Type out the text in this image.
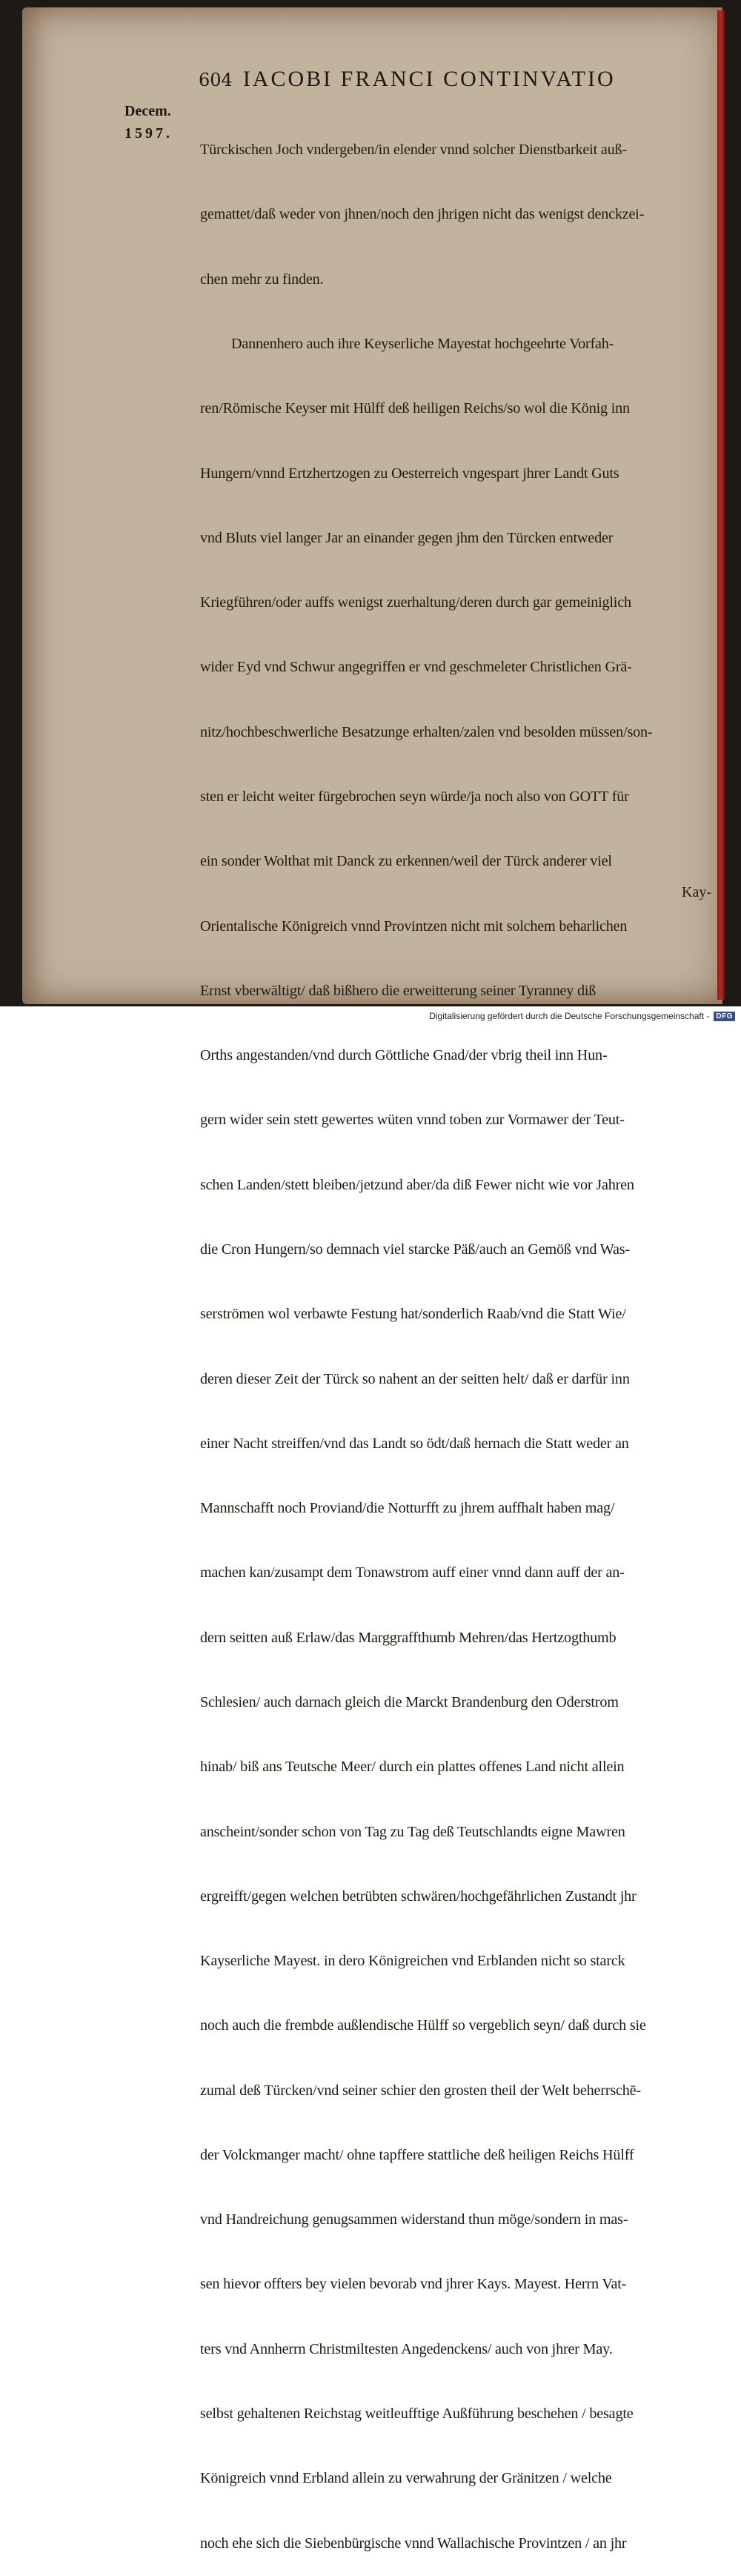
604 IACOBI FRANCI CONTINVATIO
Decem.
1597.

Türckischen Joch vndergeben/in elender vnnd solcher Dienstbarkeit auß-

gemattet/daß weder von jhnen/noch den jhrigen nicht das wenigst denckzei-

chen mehr zu finden.

Dannenhero auch ihre Keyserliche Mayestat hochgeehrte Vorfah-

ren/Römische Keyser mit Hülff deß heiligen Reichs/so wol die König inn

Hungern/vnnd Ertzhertzogen zu Oesterreich vngespart jhrer Landt Guts

vnd Bluts viel langer Jar an einander gegen jhm den Türcken entweder

Kriegführen/oder auffs wenigst zuerhaltung/deren durch gar gemeiniglich

wider Eyd vnd Schwur angegriffen er vnd geschmeleter Christlichen Grä-

nitz/hochbeschwerliche Besatzunge erhalten/zalen vnd besolden müssen/son-

sten er leicht weiter fürgebrochen seyn würde/ja noch also von GOTT für

ein sonder Wolthat mit Danck zu erkennen/weil der Türck anderer viel

Orientalische Königreich vnnd Provintzen nicht mit solchem beharlichen

Ernst vberwältigt/ daß bißhero die erweitterung seiner Tyranney diß

Orths angestanden/vnd durch Göttliche Gnad/der vbrig theil inn Hun-

gern wider sein stett gewertes wüten vnnd toben zur Vormawer der Teut-

schen Landen/stett bleiben/jetzund aber/da diß Fewer nicht wie vor Jahren

die Cron Hungern/so demnach viel starcke Päß/auch an Gemöß vnd Was-

serströmen wol verbawte Festung hat/sonderlich Raab/vnd die Statt Wie/

deren dieser Zeit der Türck so nahent an der seitten helt/ daß er darfür inn

einer Nacht streiffen/vnd das Landt so ödt/daß hernach die Statt weder an

Mannschafft noch Proviand/die Notturfft zu jhrem auffhalt haben mag/

machen kan/zusampt dem Tonawstrom auff einer vnnd dann auff der an-

dern seitten auß Erlaw/das Marggraffthumb Mehren/das Hertzogthumb

Schlesien/ auch darnach gleich die Marckt Brandenburg den Oderstrom

hinab/ biß ans Teutsche Meer/ durch ein plattes offenes Land nicht allein

anscheint/sonder schon von Tag zu Tag deß Teutschlandts eigne Mawren

ergreifft/gegen welchen betrübten schwären/hochgefährlichen Zustandt jhr

Kayserliche Mayest. in dero Königreichen vnd Erblanden nicht so starck

noch auch die frembde außlendische Hülff so vergeblich seyn/ daß durch sie

zumal deß Türcken/vnd seiner schier den grosten theil der Welt beherrschē-

der Volckmanger macht/ ohne tapffere stattliche deß heiligen Reichs Hülff

vnd Handreichung genugsammen widerstand thun möge/sondern in mas-

sen hievor offters bey vielen bevorab vnd jhrer Kays. Mayest. Herrn Vat-

ters vnd Annherrn Christmiltesten Angedenckens/ auch von jhrer May.

selbst gehaltenen Reichstag weitleufftige Außführung beschehen / besagte

Königreich vnnd Erbland allein zu verwahrung der Gränitzen / welche

noch ehe sich die Siebenbürgische vnnd Wallachische Provintzen / an jhr

Kay-
Digitalisierung gefördert durch die Deutsche Forschungsgemeinschaft - DFG
